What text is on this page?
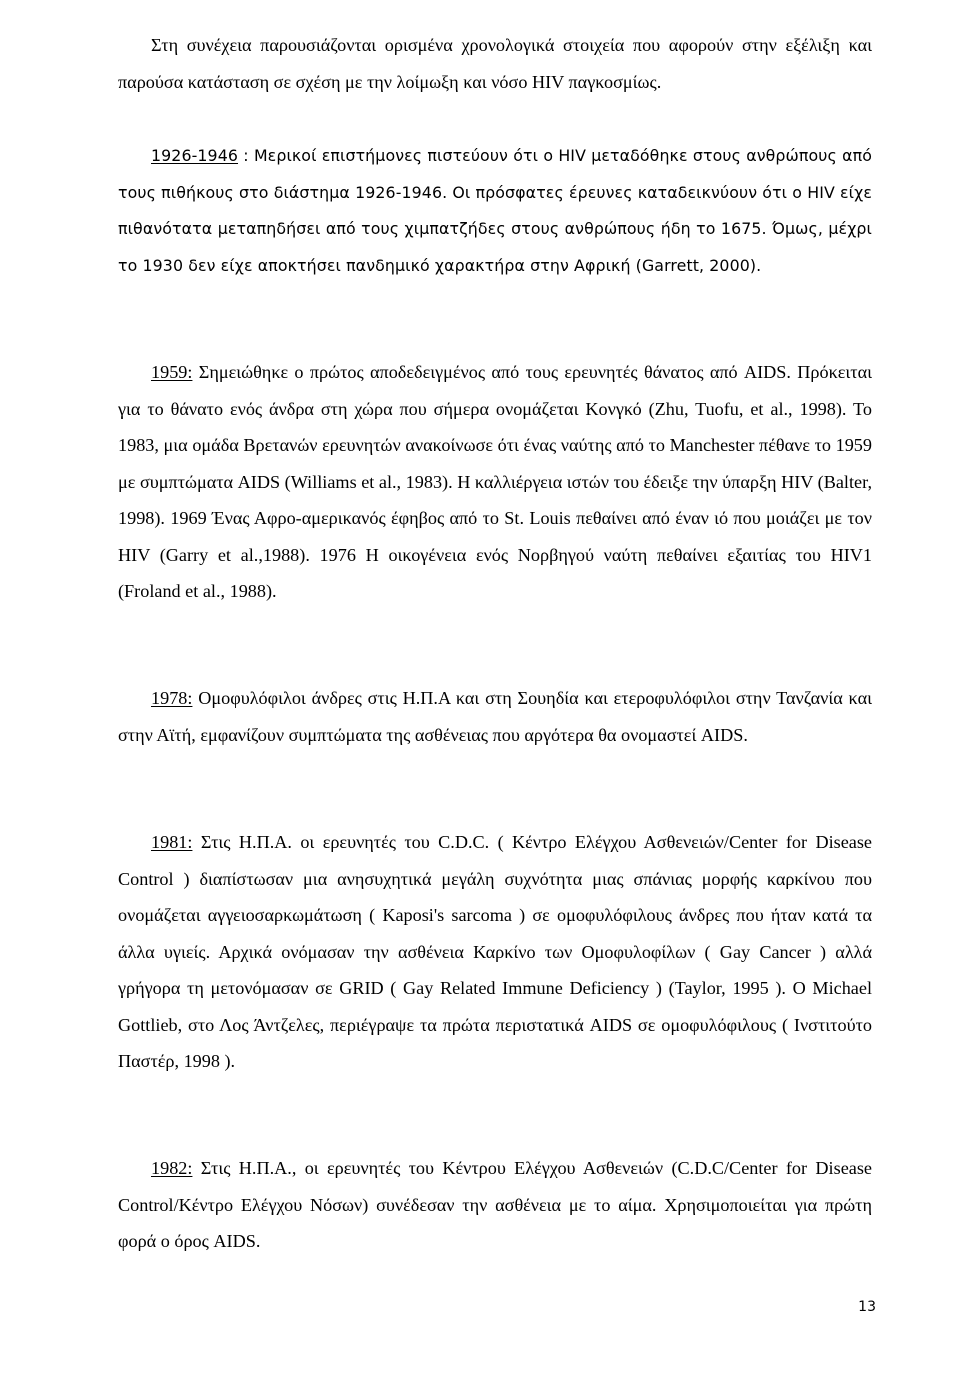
Στη συνέχεια παρουσιάζονται ορισμένα χρονολογικά στοιχεία που αφορούν στην εξέλιξη και παρούσα κατάσταση σε σχέση με την λοίμωξη και νόσο HIV παγκοσμίως.

1926-1946 : Μερικοί επιστήμονες πιστεύουν ότι ο HIV μεταδόθηκε στους ανθρώπους από τους πιθήκους στο διάστημα 1926-1946. Οι πρόσφατες έρευνες καταδεικνύουν ότι ο HIV είχε πιθανότατα μεταπηδήσει από τους χιμπατζήδες στους ανθρώπους ήδη το 1675. Όμως, μέχρι το 1930 δεν είχε αποκτήσει πανδημικό χαρακτήρα στην Αφρική (Garrett, 2000).

1959: Σημειώθηκε ο πρώτος αποδεδειγμένος από τους ερευνητές θάνατος από AIDS. Πρόκειται για το θάνατο ενός άνδρα στη χώρα που σήμερα ονομάζεται Κονγκό (Zhu, Tuofu, et al., 1998). Το 1983, μια ομάδα Βρετανών ερευνητών ανακοίνωσε ότι ένας ναύτης από το Manchester πέθανε το 1959 με συμπτώματα AIDS (Williams et al., 1983). Η καλλιέργεια ιστών του έδειξε την ύπαρξη HIV (Balter, 1998). 1969 Ένας Αφρο-αμερικανός έφηβος από το St. Louis πεθαίνει από έναν ιό που μοιάζει με τον HIV (Garry et al.,1988). 1976 Η οικογένεια ενός Νορβηγού ναύτη πεθαίνει εξαιτίας του HIV1 (Froland et al., 1988).

1978: Ομοφυλόφιλοι άνδρες στις Η.Π.Α και στη Σουηδία και ετεροφυλόφιλοι στην Τανζανία και στην Αϊτή, εμφανίζουν συμπτώματα της ασθένειας που αργότερα θα ονομαστεί AIDS.

1981: Στις Η.Π.Α. οι ερευνητές του C.D.C. ( Κέντρο Ελέγχου Ασθενειών/Center for Disease Control ) διαπίστωσαν μια ανησυχητικά μεγάλη συχνότητα μιας σπάνιας μορφής καρκίνου που ονομάζεται αγγειοσαρκωμάτωση ( Kaposi's sarcoma ) σε ομοφυλόφιλους άνδρες που ήταν κατά τα άλλα υγιείς. Αρχικά ονόμασαν την ασθένεια Καρκίνο των Ομοφυλοφίλων ( Gay Cancer ) αλλά γρήγορα τη μετονόμασαν σε GRID ( Gay Related Immune Deficiency ) (Taylor, 1995 ). O Michael Gottlieb, στο Λος Άντζελες, περιέγραψε τα πρώτα περιστατικά AIDS σε ομοφυλόφιλους ( Ινστιτούτο Παστέρ, 1998 ).

1982: Στις Η.Π.Α., οι ερευνητές του Κέντρου Ελέγχου Ασθενειών (C.D.C/Center for Disease Control/Κέντρο Ελέγχου Νόσων) συνέδεσαν την ασθένεια με το αίμα. Χρησιμοποιείται για πρώτη φορά ο όρος AIDS.

13
